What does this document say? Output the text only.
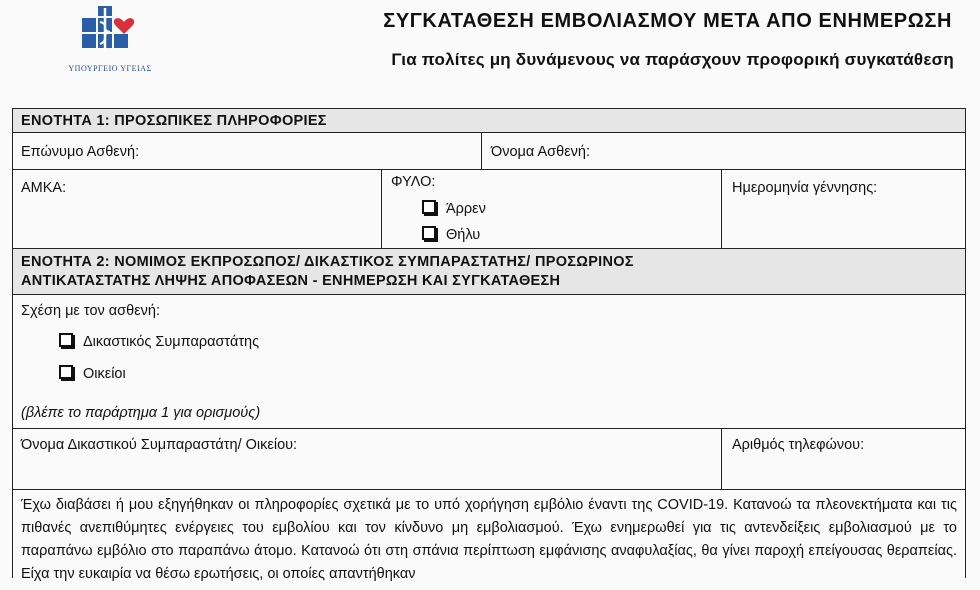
ΥΠΟΥΡΓΕΙΟ ΥΓΕΙΑΣ
ΣΥΓΚΑΤΑΘΕΣΗ ΕΜΒΟΛΙΑΣΜΟΥ ΜΕΤΑ ΑΠΟ ΕΝΗΜΕΡΩΣΗ
Για πολίτες μη δυνάμενους να παράσχουν προφορική συγκατάθεση
ΕΝΟΤΗΤΑ 1: ΠΡΟΣΩΠΙΚΕΣ ΠΛΗΡΟΦΟΡΙΕΣ
Επώνυμο Ασθενή:	Όνομα Ασθενή:
ΑΜΚΑ:	ΦΥΛΟ:
Άρρεν
Θήλυ
Ημερομηνία γέννησης:
ΕΝΟΤΗΤΑ 2: ΝΟΜΙΜΟΣ ΕΚΠΡΟΣΩΠΟΣ/ ΔΙΚΑΣΤΙΚΟΣ ΣΥΜΠΑΡΑΣΤΑΤΗΣ/ ΠΡΟΣΩΡΙΝΟΣ
ΑΝΤΙΚΑΤΑΣΤΑΤΗΣ ΛΗΨΗΣ ΑΠΟΦΑΣΕΩΝ - ΕΝΗΜΕΡΩΣΗ ΚΑΙ ΣΥΓΚΑΤΑΘΕΣΗ
Σχέση με τον ασθενή:
Δικαστικός Συμπαραστάτης
Οικείοι
(βλέπε το παράρτημα 1 για ορισμούς)
Όνομα Δικαστικού Συμπαραστάτη/ Οικείου:	Αριθμός τηλεφώνου:
Έχω διαβάσει ή μου εξηγήθηκαν οι πληροφορίες σχετικά με το υπό χορήγηση εμβόλιο έναντι της COVID-19. Κατανοώ τα πλεονεκτήματα και τις πιθανές ανεπιθύμητες ενέργειες του εμβολίου και τον κίνδυνο μη εμβολιασμού. Έχω ενημερωθεί για τις αντενδείξεις εμβολιασμού με το παραπάνω εμβόλιο στο παραπάνω άτομο. Κατανοώ ότι στη σπάνια περίπτωση εμφάνισης αναφυλαξίας, θα γίνει παροχή επείγουσας θεραπείας. Είχα την ευκαιρία να θέσω ερωτήσεις, οι οποίες απαντήθηκαν
